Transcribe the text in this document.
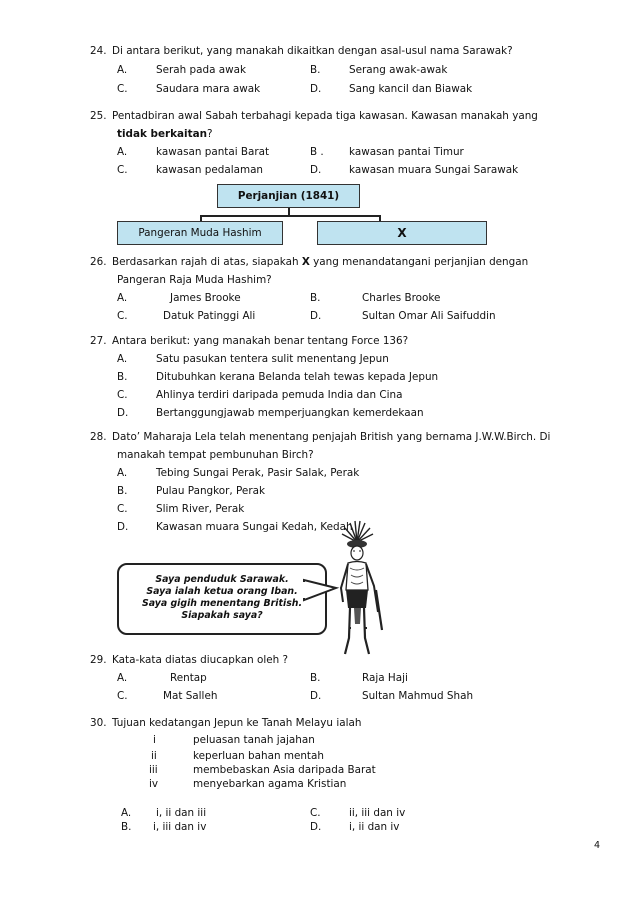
24. Di antara berikut, yang manakah dikaitkan dengan asal-usul nama Sarawak?
A.	Serah pada awak	B.	Serang awak-awak
C.	Saudara mara awak	D.	Sang kancil dan Biawak
25. Pentadbiran awal Sabah terbahagi kepada tiga kawasan. Kawasan manakah yang
tidak berkaitan?
A.	kawasan pantai Barat	B . kawasan pantai Timur
C.	kawasan pedalaman	D.	kawasan muara Sungai Sarawak
Perjanjian (1841)
Pangeran Muda Hashim	X
26. Berdasarkan rajah di atas, siapakah X yang menandatangani perjanjian dengan
Pangeran Raja Muda Hashim?
A.	James Brooke	B.	Charles Brooke
C.	Datuk Patinggi Ali	D.	Sultan Omar Ali Saifuddin
27. Antara berikut: yang manakah benar tentang Force 136?
A.	Satu pasukan tentera sulit menentang Jepun
B.	Ditubuhkan kerana Belanda telah tewas kepada Jepun
C.	Ahlinya terdiri daripada pemuda India dan Cina
D.	Bertanggungjawab memperjuangkan kemerdekaan
28. Dato’ Maharaja Lela telah menentang penjajah British yang bernama J.W.W.Birch. Di
manakah tempat pembunuhan Birch?
A.	Tebing Sungai Perak, Pasir Salak, Perak
B.	Pulau Pangkor, Perak
C.	Slim River, Perak
D.	Kawasan muara Sungai Kedah, Kedah
Saya penduduk Sarawak.
Saya ialah ketua orang Iban.
Saya gigih menentang British.
Siapakah saya?
29. Kata-kata diatas diucapkan oleh ?
A.	Rentap	B.	Raja Haji
C.	Mat Salleh	D.	Sultan Mahmud Shah
30. Tujuan kedatangan Jepun ke Tanah Melayu ialah
i	peluasan tanah jajahan
ii	keperluan bahan mentah
iii	membebaskan Asia daripada Barat
iv	menyebarkan agama Kristian
A. i, ii dan iii	C.	ii, iii dan iv
B. i, iii dan iv	D.	i, ii dan iv
4
